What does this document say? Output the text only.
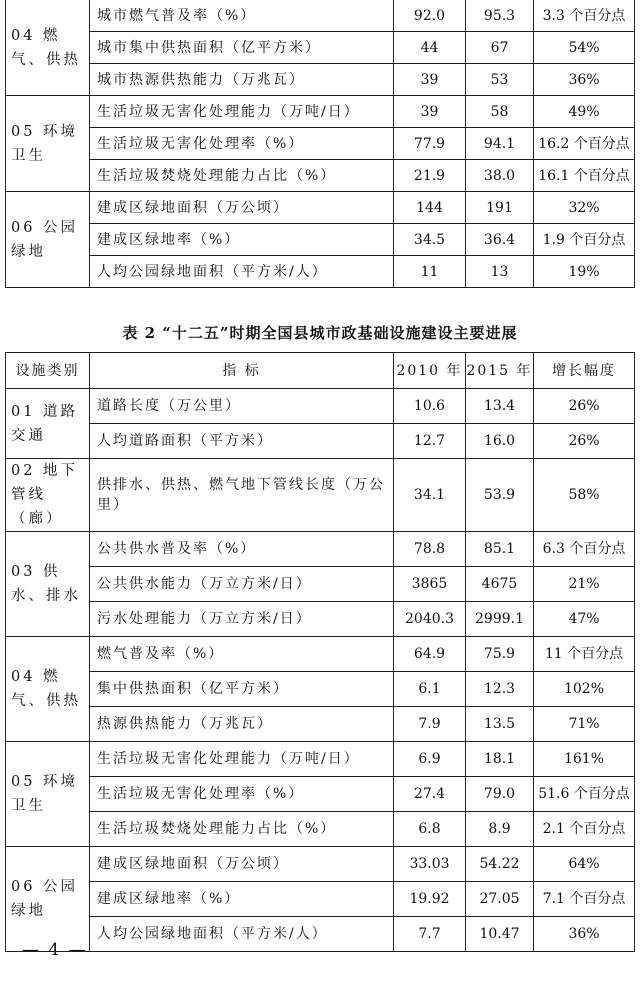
04 燃气、供热	城市燃气普及率（%）	92.0	95.3	3.3 个百分点
	城市集中供热面积（亿平方米）	44	67	54%
	城市热源供热能力（万兆瓦）	39	53	36%
05 环境卫生	生活垃圾无害化处理能力（万吨/日）	39	58	49%
	生活垃圾无害化处理率（%）	77.9	94.1	16.2 个百分点
	生活垃圾焚烧处理能力占比（%）	21.9	38.0	16.1 个百分点
06 公园绿地	建成区绿地面积（万公顷）	144	191	32%
	建成区绿地率（%）	34.5	36.4	1.9 个百分点
	人均公园绿地面积（平方米/人）	11	13	19%
表 2 “十二五”时期全国县城市政基础设施建设主要进展
设施类别	指 标	2010 年	2015 年	增长幅度
01 道路交通	道路长度（万公里）	10.6	13.4	26%
	人均道路面积（平方米）	12.7	16.0	26%
02 地下管线（廊）	供排水、供热、燃气地下管线长度（万公里）	34.1	53.9	58%
03 供水、排水	公共供水普及率（%）	78.8	85.1	6.3 个百分点
	公共供水能力（万立方米/日）	3865	4675	21%
	污水处理能力（万立方米/日）	2040.3	2999.1	47%
04 燃气、供热	燃气普及率（%）	64.9	75.9	11 个百分点
	集中供热面积（亿平方米）	6.1	12.3	102%
	热源供热能力（万兆瓦）	7.9	13.5	71%
05 环境卫生	生活垃圾无害化处理能力（万吨/日）	6.9	18.1	161%
	生活垃圾无害化处理率（%）	27.4	79.0	51.6 个百分点
	生活垃圾焚烧处理能力占比（%）	6.8	8.9	2.1 个百分点
06 公园绿地	建成区绿地面积（万公顷）	33.03	54.22	64%
	建成区绿地率（%）	19.92	27.05	7.1 个百分点
	人均公园绿地面积（平方米/人）	7.7	10.47	36%
— 4 —
